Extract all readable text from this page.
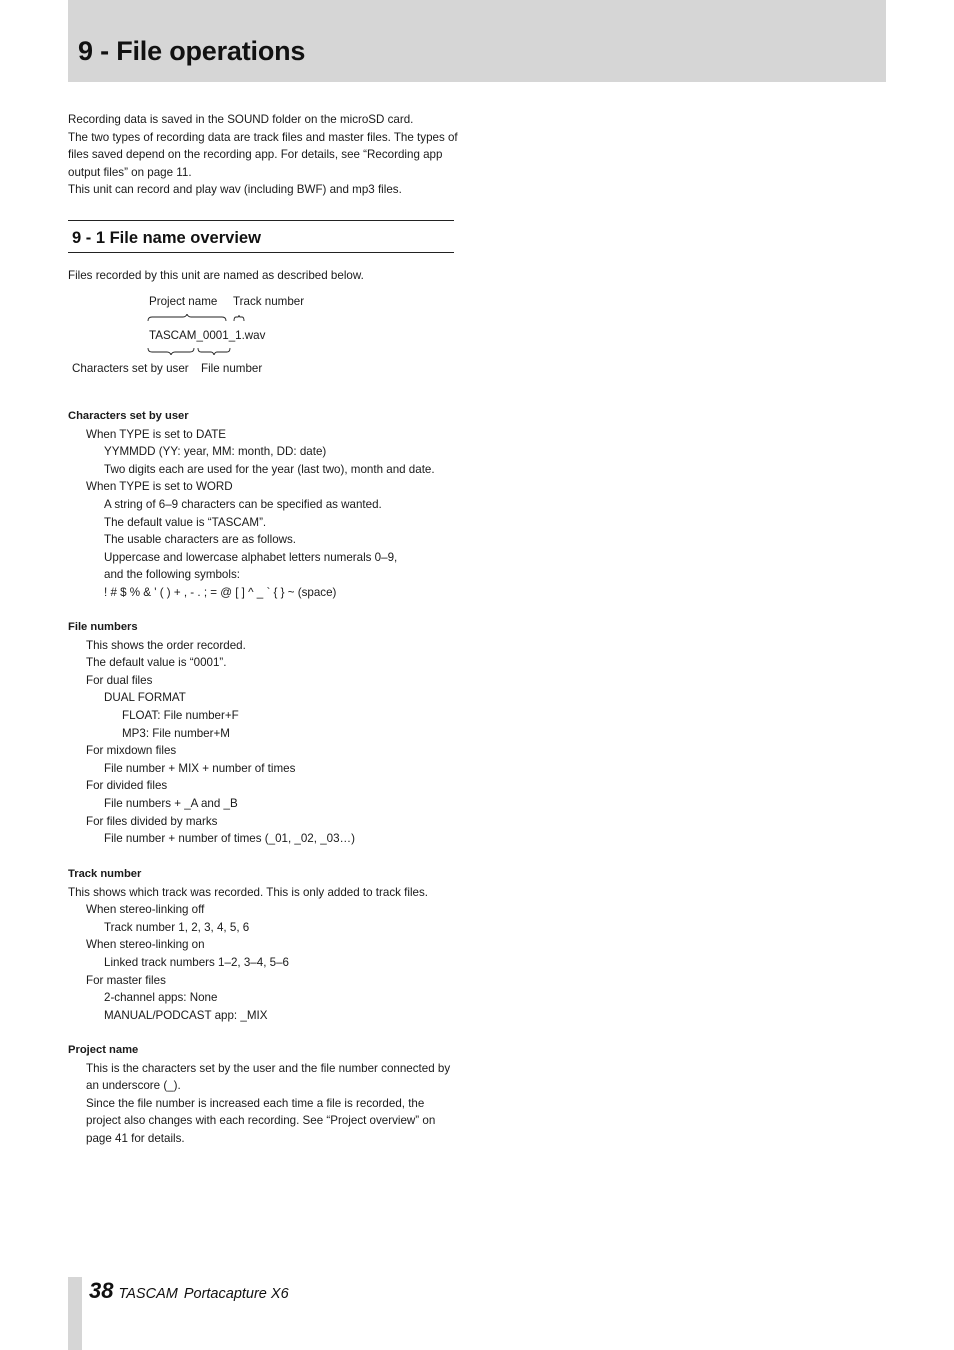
9 - File operations

Recording data is saved in the SOUND folder on the microSD card.

The two types of recording data are track files and master files. The types of files saved depend on the recording app. For details, see “Recording app output files” on page 11.

This unit can record and play wav (including BWF) and mp3 files.

9 - 1 File name overview

Files recorded by this unit are named as described below.

Project name Track number
TASCAM_0001_1.wav
Characters set by user File number
Characters set by user
When TYPE is set to DATE
YYMMDD (YY: year, MM: month, DD: date)
Two digits each are used for the year (last two), month and date.
When TYPE is set to WORD
A string of 6–9 characters can be specified as wanted.
The default value is “TASCAM”.
The usable characters are as follows.
Uppercase and lowercase alphabet letters numerals 0–9,
and the following symbols:
! # $ % & ' ( ) + , - . ; = @ [ ] ^ _ ` { } ~ (space)
File numbers
This shows the order recorded.
The default value is “0001”.
For dual files
DUAL FORMAT
FLOAT: File number+F
MP3: File number+M
For mixdown files
File number + MIX + number of times
For divided files
File numbers + _A and _B
For files divided by marks
File number + number of times (_01, _02, _03…)
Track number
This shows which track was recorded. This is only added to track files.
When stereo-linking off
Track number 1, 2, 3, 4, 5, 6
When stereo-linking on
Linked track numbers 1–2, 3–4, 5–6
For master files
2-channel apps: None
MANUAL/PODCAST app: _MIX
Project name
This is the characters set by the user and the file number connected by an underscore (_).
Since the file number is increased each time a file is recorded, the project also changes with each recording. See “Project overview” on page 41 for details.
38 TASCAM Portacapture X6
